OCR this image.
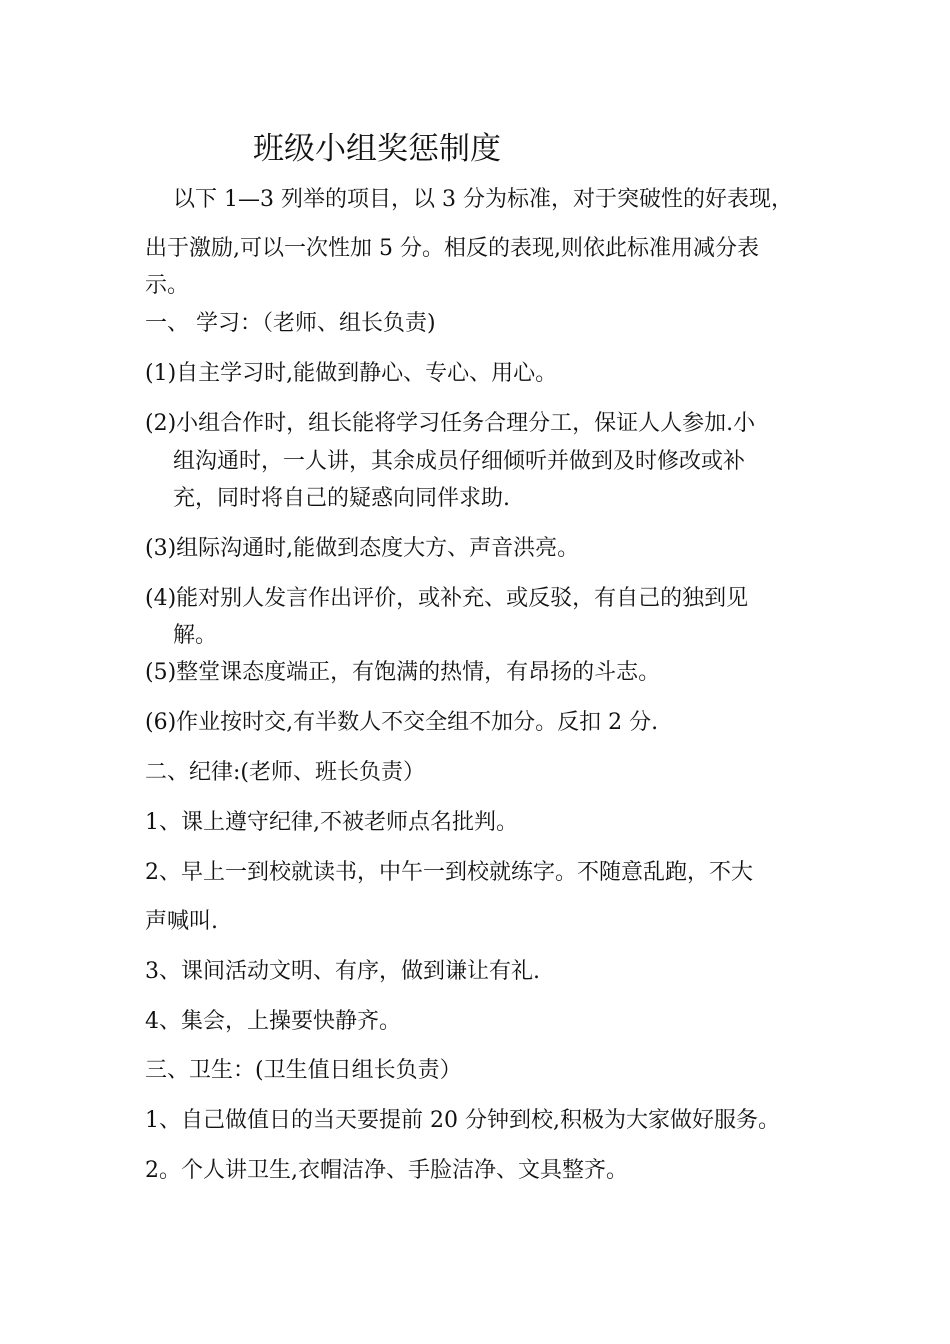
班级小组奖惩制度

以下 1—3 列举的项目，以 3 分为标准，对于突破性的好表现，

出于激励,可以一次性加 5 分。相反的表现,则依此标准用减分表

示。

一、 学习：（老师、组长负责)

(1)自主学习时,能做到静心、专心、用心。

(2)小组合作时，组长能将学习任务合理分工，保证人人参加.小

组沟通时，一人讲，其余成员仔细倾听并做到及时修改或补

充，同时将自己的疑惑向同伴求助.

(3)组际沟通时,能做到态度大方、声音洪亮。

(4)能对别人发言作出评价，或补充、或反驳，有自己的独到见

解。

(5)整堂课态度端正，有饱满的热情，有昂扬的斗志。

(6)作业按时交,有半数人不交全组不加分。反扣 2 分.

二、纪律:(老师、班长负责）

1、课上遵守纪律,不被老师点名批判。

2、早上一到校就读书，中午一到校就练字。不随意乱跑，不大

声喊叫.

3、课间活动文明、有序，做到谦让有礼.

4、集会，上操要快静齐。

三、卫生：(卫生值日组长负责）

1、自己做值日的当天要提前 20 分钟到校,积极为大家做好服务。

2。个人讲卫生,衣帽洁净、手脸洁净、文具整齐。
